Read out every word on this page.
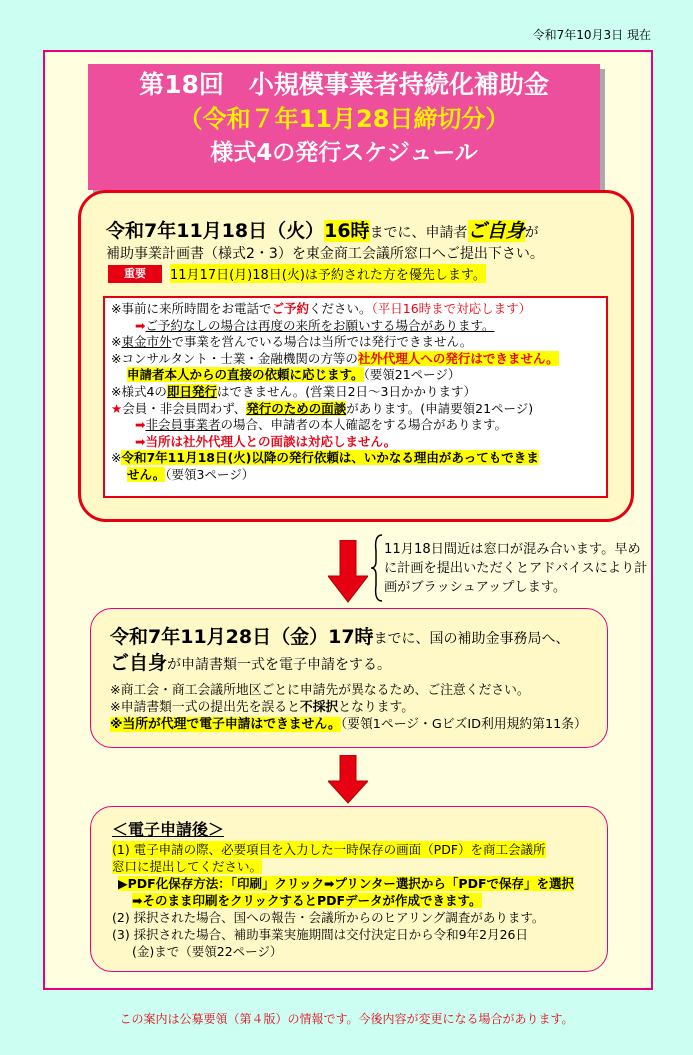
令和7年10月3日 現在
第18回　小規模事業者持続化補助金
（令和７年11月28日締切分）
様式4の発行スケジュール
令和7年11月18日（火）16時までに、申請者ご自身が
補助事業計画書（様式2・3）を東金商工会議所窓口へご提出下さい。
重要	11月17日(月)18日(火)は予約された方を優先します。

※事前に来所時間をお電話でご予約ください。（平日16時まで対応します）

➡ご予約なしの場合は再度の来所をお願いする場合があります。

※東金市外で事業を営んでいる場合は当所では発行できません。

※コンサルタント・士業・金融機関の方等の社外代理人への発行はできません。

申請者本人からの直接の依頼に応じます。（要領21ページ）

※様式4の即日発行はできません。(営業日2日～3日かかります）

★会員・非会員問わず、発行のための面談があります。(申請要領21ページ)

➡非会員事業者の場合、申請者の本人確認をする場合があります。

➡当所は社外代理人との面談は対応しません。

※令和7年11月18日(火)以降の発行依頼は、いかなる理由があってもできま

せん。（要領3ページ）

11月18日間近は窓口が混み合います。早めに計画を提出いただくとアドバイスにより計画がブラッシュアップします。
令和7年11月28日（金）17時までに、国の補助金事務局へ、
ご自身が申請書類一式を電子申請をする。

※商工会・商工会議所地区ごとに申請先が異なるため、ご注意ください。

※申請書類一式の提出先を誤ると不採択となります。

※当所が代理で電子申請はできません。（要領1ページ・GビズID利用規約第11条）

＜電子申請後＞

(1) 電子申請の際、必要項目を入力した一時保存の画面（PDF）を商工会議所

窓口に提出してください。

▶PDF化保存方法：「印刷」クリック➡プリンター選択から「PDFで保存」を選択

➡そのまま印刷をクリックするとPDFデータが作成できます。

(2) 採択された場合、国への報告・会議所からのヒアリング調査があります。

(3) 採択された場合、補助事業実施期間は交付決定日から令和9年2月26日

(金)まで（要領22ページ）

この案内は公募要領（第４版）の情報です。今後内容が変更になる場合があります。
